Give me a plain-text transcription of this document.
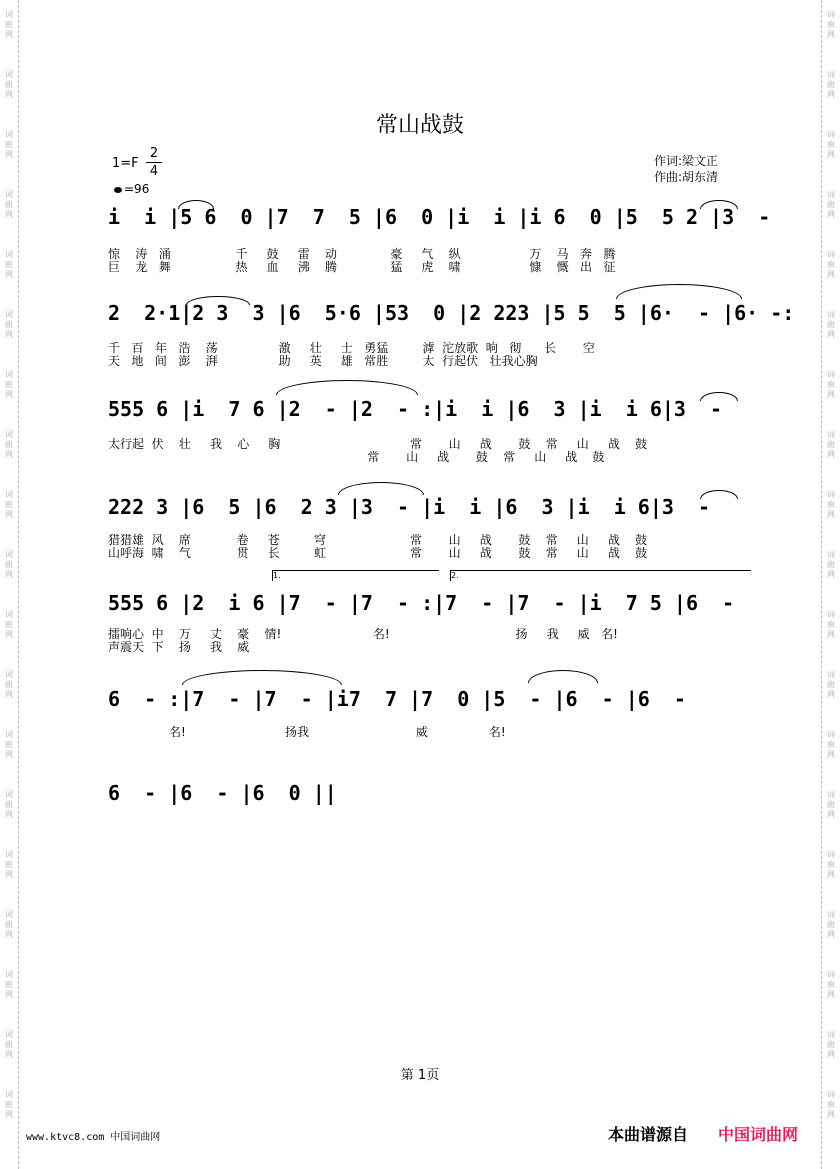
词
曲
网
词
曲
网
词
曲
网
词
曲
网
词
曲
网
词
曲
网
词
曲
网
词
曲
网
词
曲
网
词
曲
网
词
曲
网
词
曲
网
词
曲
网
词
曲
网
词
曲
网
词
曲
网
词
曲
网
词
曲
网
词
曲
网
词
曲
网
词
曲
网
词
曲
网
词
曲
网
词
曲
网
词
曲
网
词
曲
网
词
曲
网
词
曲
网
词
曲
网
词
曲
网
词
曲
网
词
曲
网
词
曲
网
词
曲
网
词
曲
网
词
曲
网
词
曲
网
词
曲
网
常山战鼓
1=F
2
4
=96
作词:梁文正
作曲:胡东清
i  i |5 6  0 |7  7  5 |6  0 |i  i |i 6  0 |5  5 2 |3  -
惊    涛   涌                 千     鼓     雷    动              豪     气    纵                  万    马   奔   腾
巨    龙   舞                 热     血     沸    腾              猛     虎    啸                  慷    慨   出   征
2  2·1|2 3  3 |6  5·6 |53  0 |2 223 |5 5  5 |6·  - |6· -:
千   百   年   浩    荡                激     壮     士   勇猛         滹  沱放歌  响   彻      长       空
天   地   间   澎    湃                助     英     雄   常胜         太  行起伏   壮我心胸
555 6 |i  7 6 |2  - |2  - :|i  i |6  3 |i  i 6|3  -
太行起  伏    壮     我    心     胸                                  常       山     战       鼓    常     山     战    鼓
常       山     战       鼓    常     山     战    鼓
222 3 |6  5 |6  2 3 |3  - |i  i |6  3 |i  i 6|3  -
猎猎雄  风    席            卷     苍         穹                      常       山     战       鼓    常     山     战    鼓
山呼海  啸    气            贯     长         虹                      常       山     战       鼓    常     山     战    鼓
1.	2.
555 6 |2  i 6 |7  - |7  - :|7  - |7  - |i  7 5 |6  -
擂响心  中    万     丈    豪    情!                        名!                                 扬     我     威   名!
声震天  下    扬     我    威
6  - :|7  - |7  - |i7  7 |7  0 |5  - |6  - |6  -
名!                          扬我                            威                名!
6  - |6  - |6  0 ||
第 1页
www.ktvc8.com 中国词曲网	本曲谱源自 中国词曲网
